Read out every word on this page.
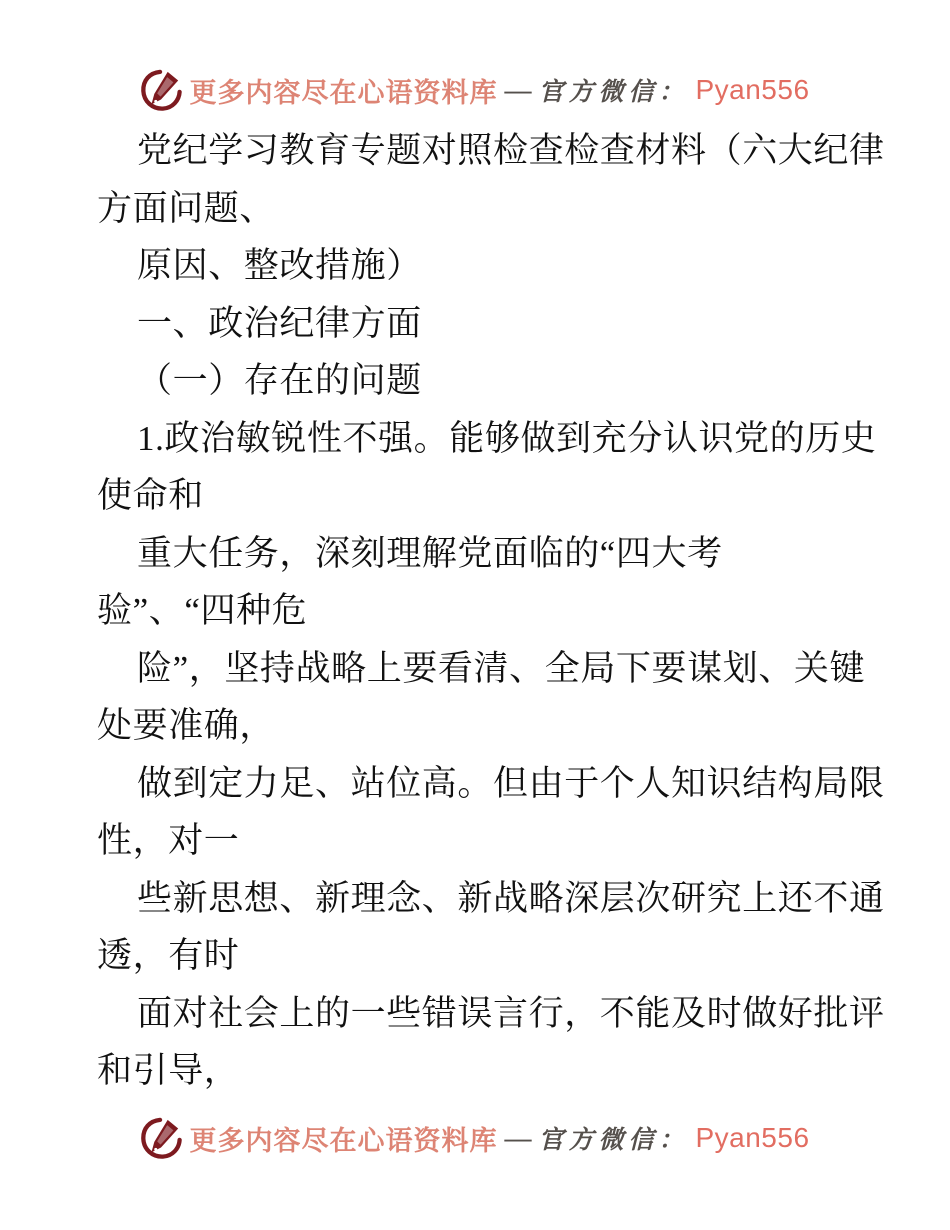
更多内容尽在心语资料库 — 官方微信： Pyan556
党纪学习教育专题对照检查检查材料（六大纪律
方面问题、
原因、整改措施）
一、政治纪律方面
（一）存在的问题
1.政治敏锐性不强。能够做到充分认识党的历史
使命和
重大任务，深刻理解党面临的“四大考
验”、“四种危
险”，坚持战略上要看清、全局下要谋划、关键
处要准确，
做到定力足、站位高。但由于个人知识结构局限
性，对一
些新思想、新理念、新战略深层次研究上还不通
透，有时
面对社会上的一些错误言行，不能及时做好批评
和引导，
更多内容尽在心语资料库 — 官方微信： Pyan556
